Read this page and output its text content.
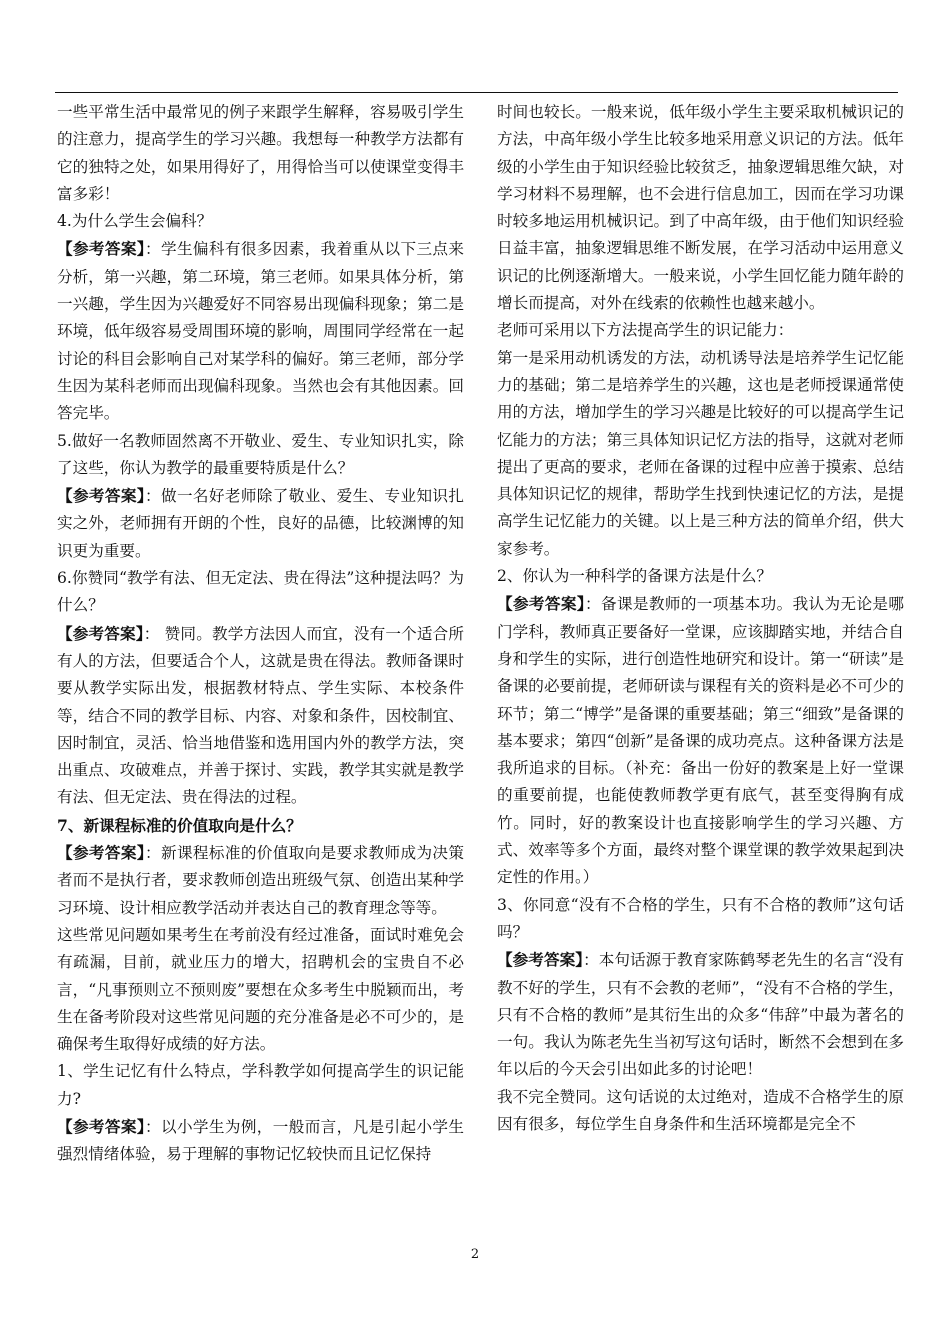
一些平常生活中最常见的例子来跟学生解释，容易吸引学生的注意力，提高学生的学习兴趣。我想每一种教学方法都有它的独特之处，如果用得好了，用得恰当可以使课堂变得丰富多彩！

4.为什么学生会偏科？

【参考答案】：学生偏科有很多因素，我着重从以下三点来分析，第一兴趣，第二环境，第三老师。如果具体分析，第一兴趣，学生因为兴趣爱好不同容易出现偏科现象；第二是环境，低年级容易受周围环境的影响，周围同学经常在一起讨论的科目会影响自己对某学科的偏好。第三老师，部分学生因为某科老师而出现偏科现象。当然也会有其他因素。回答完毕。

5.做好一名教师固然离不开敬业、爱生、专业知识扎实，除了这些，你认为教学的最重要特质是什么？

【参考答案】：做一名好老师除了敬业、爱生、专业知识扎实之外，老师拥有开朗的个性，良好的品德，比较渊博的知识更为重要。

6.你赞同“教学有法、但无定法、贵在得法”这种提法吗？为什么？

【参考答案】： 赞同。教学方法因人而宜，没有一个适合所有人的方法，但要适合个人，这就是贵在得法。教师备课时要从教学实际出发，根据教材特点、学生实际、本校条件等，结合不同的教学目标、内容、对象和条件，因校制宜、因时制宜，灵活、恰当地借鉴和选用国内外的教学方法，突出重点、攻破难点，并善于探讨、实践，教学其实就是教学有法、但无定法、贵在得法的过程。

7、新课程标准的价值取向是什么？

【参考答案】：新课程标准的价值取向是要求教师成为决策者而不是执行者，要求教师创造出班级气氛、创造出某种学习环境、设计相应教学活动并表达自己的教育理念等等。

这些常见问题如果考生在考前没有经过准备，面试时难免会有疏漏，目前，就业压力的增大，招聘机会的宝贵自不必言，“凡事预则立不预则废”要想在众多考生中脱颖而出，考生在备考阶段对这些常见问题的充分准备是必不可少的，是确保考生取得好成绩的好方法。

1、学生记忆有什么特点，学科教学如何提高学生的识记能力?

【参考答案】：以小学生为例，一般而言，凡是引起小学生强烈情绪体验，易于理解的事物记忆较快而且记忆保持

时间也较长。一般来说，低年级小学生主要采取机械识记的方法，中高年级小学生比较多地采用意义识记的方法。低年级的小学生由于知识经验比较贫乏，抽象逻辑思维欠缺，对学习材料不易理解，也不会进行信息加工，因而在学习功课时较多地运用机械识记。到了中高年级，由于他们知识经验日益丰富，抽象逻辑思维不断发展，在学习活动中运用意义识记的比例逐渐增大。一般来说，小学生回忆能力随年龄的增长而提高，对外在线索的依赖性也越来越小。

老师可采用以下方法提高学生的识记能力：

第一是采用动机诱发的方法，动机诱导法是培养学生记忆能力的基础；第二是培养学生的兴趣，这也是老师授课通常使用的方法，增加学生的学习兴趣是比较好的可以提高学生记忆能力的方法；第三具体知识记忆方法的指导，这就对老师提出了更高的要求，老师在备课的过程中应善于摸索、总结具体知识记忆的规律，帮助学生找到快速记忆的方法，是提高学生记忆能力的关键。以上是三种方法的简单介绍，供大家参考。

2、你认为一种科学的备课方法是什么？

【参考答案】：备课是教师的一项基本功。我认为无论是哪门学科，教师真正要备好一堂课，应该脚踏实地，并结合自身和学生的实际，进行创造性地研究和设计。第一“研读”是备课的必要前提，老师研读与课程有关的资料是必不可少的环节；第二“博学”是备课的重要基础；第三“细致”是备课的基本要求；第四“创新”是备课的成功亮点。这种备课方法是我所追求的目标。（补充：备出一份好的教案是上好一堂课的重要前提，也能使教师教学更有底气，甚至变得胸有成竹。同时，好的教案设计也直接影响学生的学习兴趣、方式、效率等多个方面，最终对整个课堂课的教学效果起到决定性的作用。）

3、你同意“没有不合格的学生，只有不合格的教师”这句话吗？

【参考答案】：本句话源于教育家陈鹤琴老先生的名言“没有教不好的学生，只有不会教的老师”，“没有不合格的学生，只有不合格的教师”是其衍生出的众多“伟辞”中最为著名的一句。我认为陈老先生当初写这句话时，断然不会想到在多年以后的今天会引出如此多的讨论吧！

我不完全赞同。这句话说的太过绝对，造成不合格学生的原因有很多，每位学生自身条件和生活环境都是完全不

2
